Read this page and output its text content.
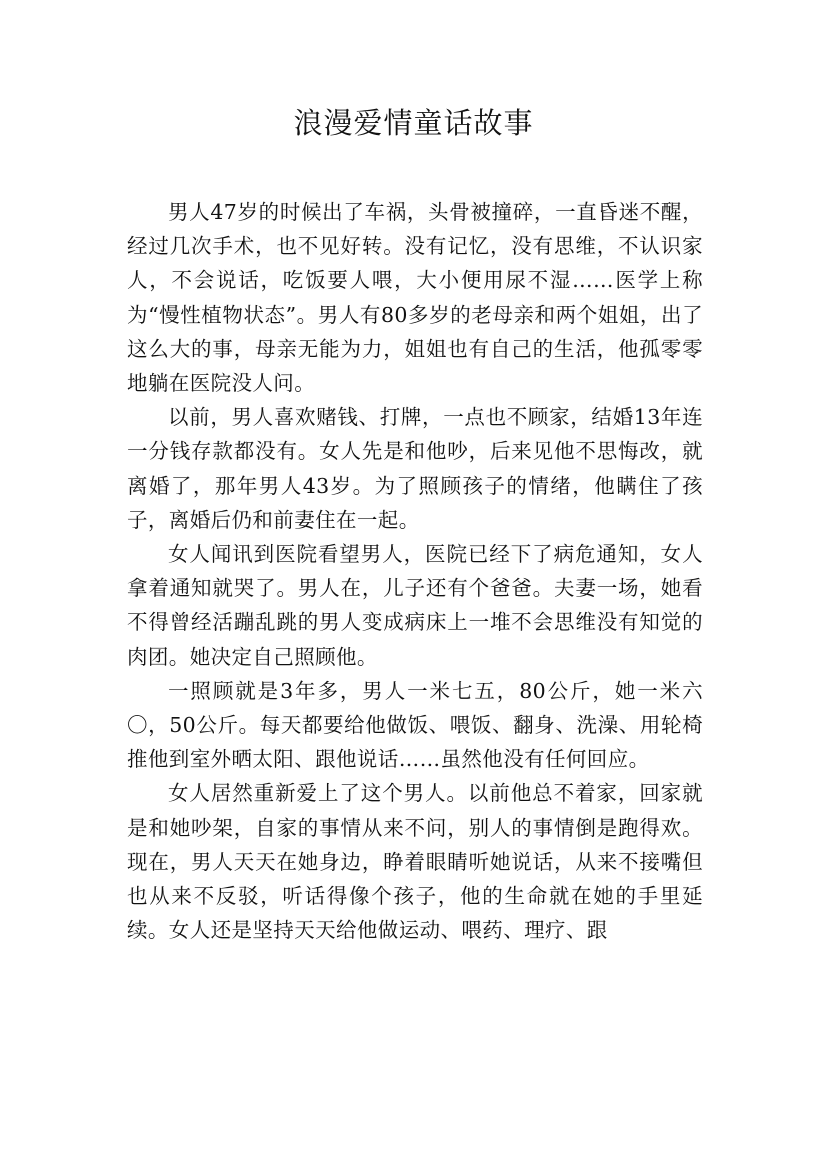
浪漫爱情童话故事

男人47岁的时候出了车祸，头骨被撞碎，一直昏迷不醒，经过几次手术，也不见好转。没有记忆，没有思维，不认识家人，不会说话，吃饭要人喂，大小便用尿不湿……医学上称为“慢性植物状态”。男人有80多岁的老母亲和两个姐姐，出了这么大的事，母亲无能为力，姐姐也有自己的生活，他孤零零地躺在医院没人问。

以前，男人喜欢赌钱、打牌，一点也不顾家，结婚13年连一分钱存款都没有。女人先是和他吵，后来见他不思悔改，就离婚了，那年男人43岁。为了照顾孩子的情绪，他瞒住了孩子，离婚后仍和前妻住在一起。

女人闻讯到医院看望男人，医院已经下了病危通知，女人拿着通知就哭了。男人在，儿子还有个爸爸。夫妻一场，她看不得曾经活蹦乱跳的男人变成病床上一堆不会思维没有知觉的肉团。她决定自己照顾他。

一照顾就是3年多，男人一米七五，80公斤，她一米六〇，50公斤。每天都要给他做饭、喂饭、翻身、洗澡、用轮椅推他到室外晒太阳、跟他说话……虽然他没有任何回应。

女人居然重新爱上了这个男人。以前他总不着家，回家就是和她吵架，自家的事情从来不问，别人的事情倒是跑得欢。现在，男人天天在她身边，睁着眼睛听她说话，从来不接嘴但也从来不反驳，听话得像个孩子，他的生命就在她的手里延续。女人还是坚持天天给他做运动、喂药、理疗、跟
